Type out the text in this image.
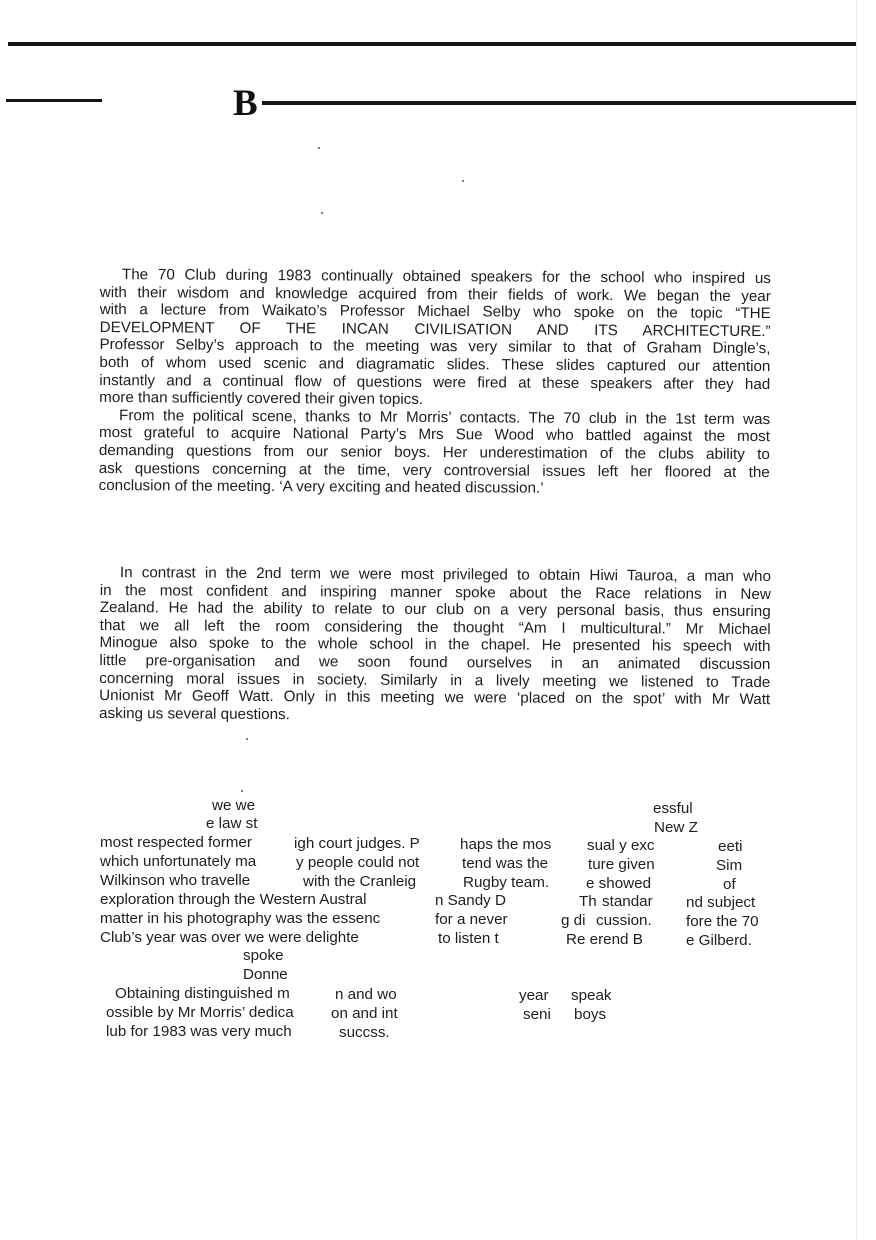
B
The 70 Club during 1983 continually obtained speakers for the school who inspired us
with their wisdom and knowledge acquired from their fields of work. We began the year
with a lecture from Waikato’s Professor Michael Selby who spoke on the topic “THE
DEVELOPMENT OF THE INCAN CIVILISATION AND ITS ARCHITECTURE.”
Professor Selby’s approach to the meeting was very similar to that of Graham Dingle’s,
both of whom used scenic and diagramatic slides. These slides captured our attention
instantly and a continual flow of questions were fired at these speakers after they had
more than sufficiently covered their given topics.
From the political scene, thanks to Mr Morris’ contacts. The 70 club in the 1st term was
most grateful to acquire National Party’s Mrs Sue Wood who battled against the most
demanding questions from our senior boys. Her underestimation of the clubs ability to
ask questions concerning at the time, very controversial issues left her floored at the
conclusion of the meeting. ‘A very exciting and heated discussion.’
In contrast in the 2nd term we were most privileged to obtain Hiwi Tauroa, a man who
in the most confident and inspiring manner spoke about the Race relations in New
Zealand. He had the ability to relate to our club on a very personal basis, thus ensuring
that we all left the room considering the thought “Am I multicultural.” Mr Michael
Minogue also spoke to the whole school in the chapel. He presented his speech with
little pre-organisation and we soon found ourselves in an animated discussion
concerning moral issues in society. Similarly in a lively meeting we listened to Trade
Unionist Mr Geoff Watt. Only in this meeting we were ‘placed on the spot’ with Mr Watt
asking us several questions.
we we	essful
e law st	New Z
most respected former	igh court judges. P	haps the mos sual y exc	eeti
which unfortunately ma	y people could not	tend was the	ture given	Sim
Wilkinson who travelle	with the Cranleig	Rugby team. e showed	of
exploration through the Western Austral	n Sandy D	Th standar nd subject
matter in his photography was the essenc	for a never	g di cussion. fore the 70
Club’s year was over we were delighte	to listen t	Re erend B	e Gilberd.
spoke
Donne
Obtaining distinguished m	n and wo	year speak
ossible by Mr Morris’ dedica on and int	seni boys
lub for 1983 was very much	succss.
